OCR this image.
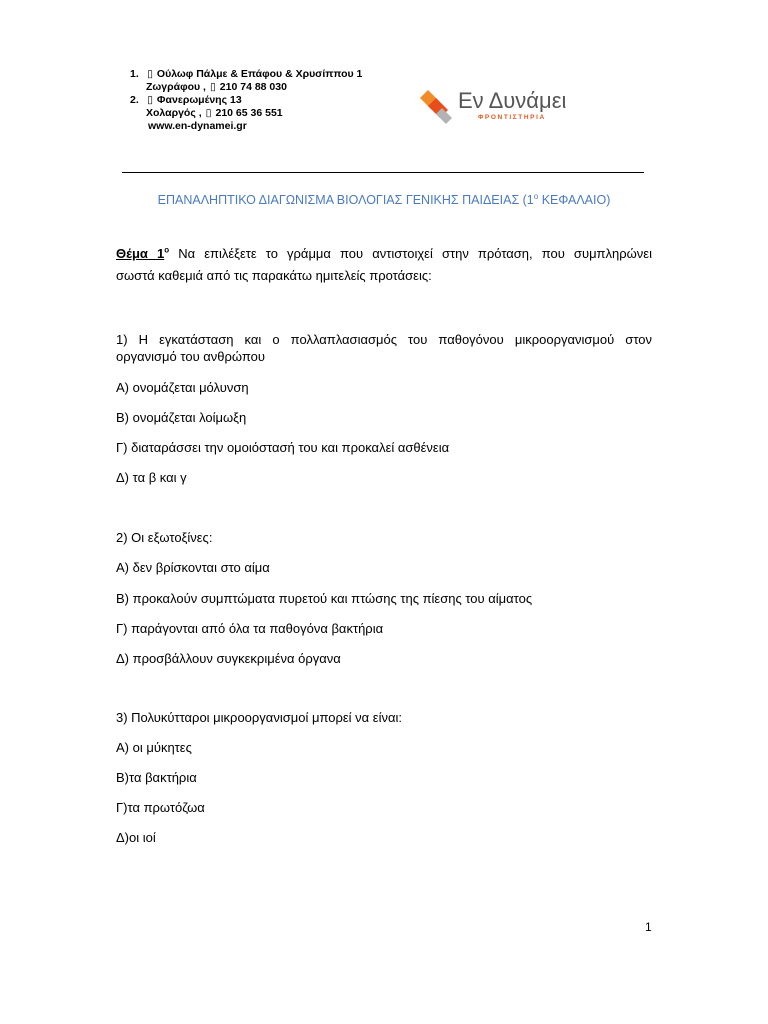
1. ▯ Ούλωφ Πάλμε & Επάφου & Χρυσίππου 1
Ζωγράφου , ▯ 210 74 88 030
2. ▯ Φανερωμένης 13
Χολαργός , ▯ 210 65 36 551
www.en-dynamei.gr
Εν Δυνάμει
ΦΡΟΝΤΙΣΤΗΡΙΑ
ΕΠΑΝΑΛΗΠΤΙΚΟ ΔΙΑΓΩΝΙΣΜΑ ΒΙΟΛΟΓΙΑΣ ΓΕΝΙΚΗΣ ΠΑΙΔΕΙΑΣ ($1^o$ ΚΕΦΑΛΑΙΟ)
Θέμα $1^o$ Να επιλέξετε το γράμμα που αντιστοιχεί στην πρόταση, που συμπληρώνει
σωστά καθεμιά από τις παρακάτω ημιτελείς προτάσεις:
1) Η εγκατάσταση και ο πολλαπλασιασμός του παθογόνου μικροοργανισμού στον
οργανισμό του ανθρώπου
Α) ονομάζεται μόλυνση
Β) ονομάζεται λοίμωξη
Γ) διαταράσσει την ομοιόστασή του και προκαλεί ασθένεια
Δ) τα β και γ
2) Οι εξωτοξίνες:
Α) δεν βρίσκονται στο αίμα
Β) προκαλούν συμπτώματα πυρετού και πτώσης της πίεσης του αίματος
Γ) παράγονται από όλα τα παθογόνα βακτήρια
Δ) προσβάλλουν συγκεκριμένα όργανα
3) Πολυκύτταροι μικροοργανισμοί μπορεί να είναι:
Α) οι μύκητες
Β)τα βακτήρια
Γ)τα πρωτόζωα
Δ)οι ιοί
1
